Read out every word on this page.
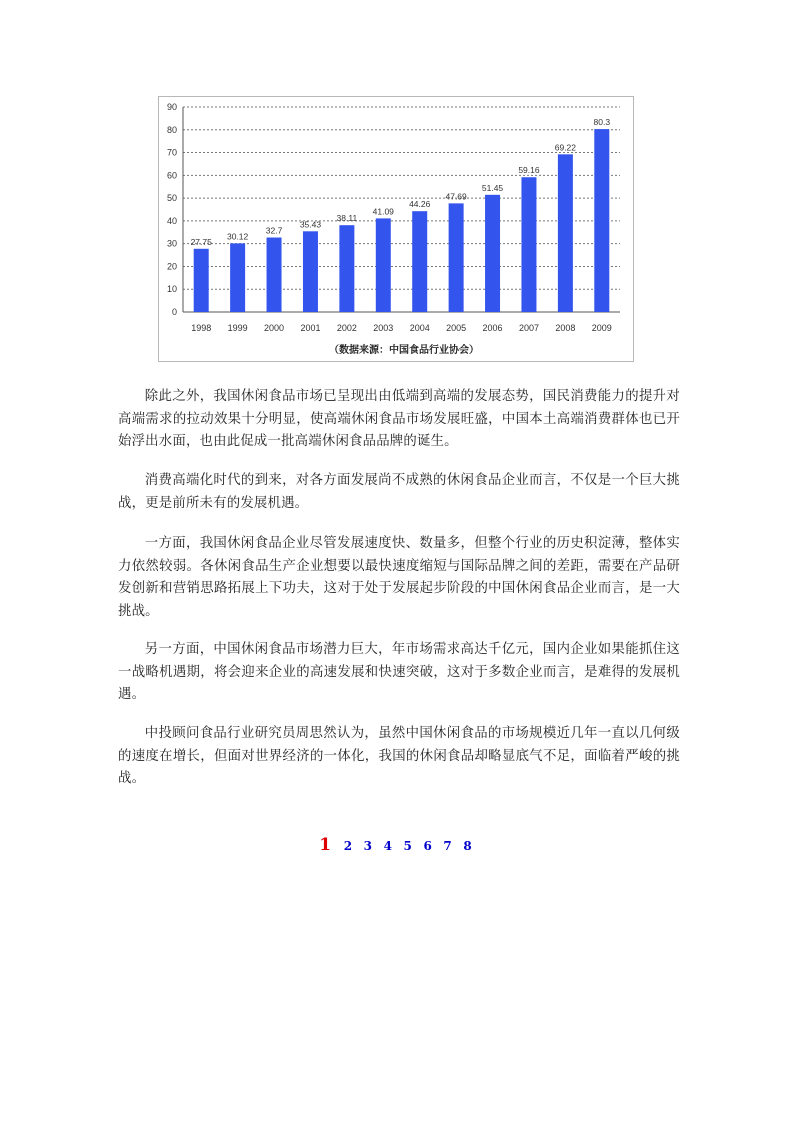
0
10
20
30
40
50
60
70
80
90
27.75
1998
30.12
1999
32.7
2000
35.43
2001
38.11
2002
41.09
2003
44.26
2004
47.69
2005
51.45
2006
59.16
2007
69.22
2008
80.3
2009
（数据来源：中国食品行业协会）

除此之外，我国休闲食品市场已呈现出由低端到高端的发展态势，国民消费能力的提升对高端需求的拉动效果十分明显，使高端休闲食品市场发展旺盛，中国本土高端消费群体也已开始浮出水面，也由此促成一批高端休闲食品品牌的诞生。

消费高端化时代的到来，对各方面发展尚不成熟的休闲食品企业而言，不仅是一个巨大挑战，更是前所未有的发展机遇。

一方面，我国休闲食品企业尽管发展速度快、数量多，但整个行业的历史积淀薄，整体实力依然较弱。各休闲食品生产企业想要以最快速度缩短与国际品牌之间的差距，需要在产品研发创新和营销思路拓展上下功夫，这对于处于发展起步阶段的中国休闲食品企业而言，是一大挑战。

另一方面，中国休闲食品市场潜力巨大，年市场需求高达千亿元，国内企业如果能抓住这一战略机遇期，将会迎来企业的高速发展和快速突破，这对于多数企业而言，是难得的发展机遇。

中投顾问食品行业研究员周思然认为，虽然中国休闲食品的市场规模近几年一直以几何级的速度在增长，但面对世界经济的一体化，我国的休闲食品却略显底气不足，面临着严峻的挑战。

1 2 3 4 5 6 7 8
